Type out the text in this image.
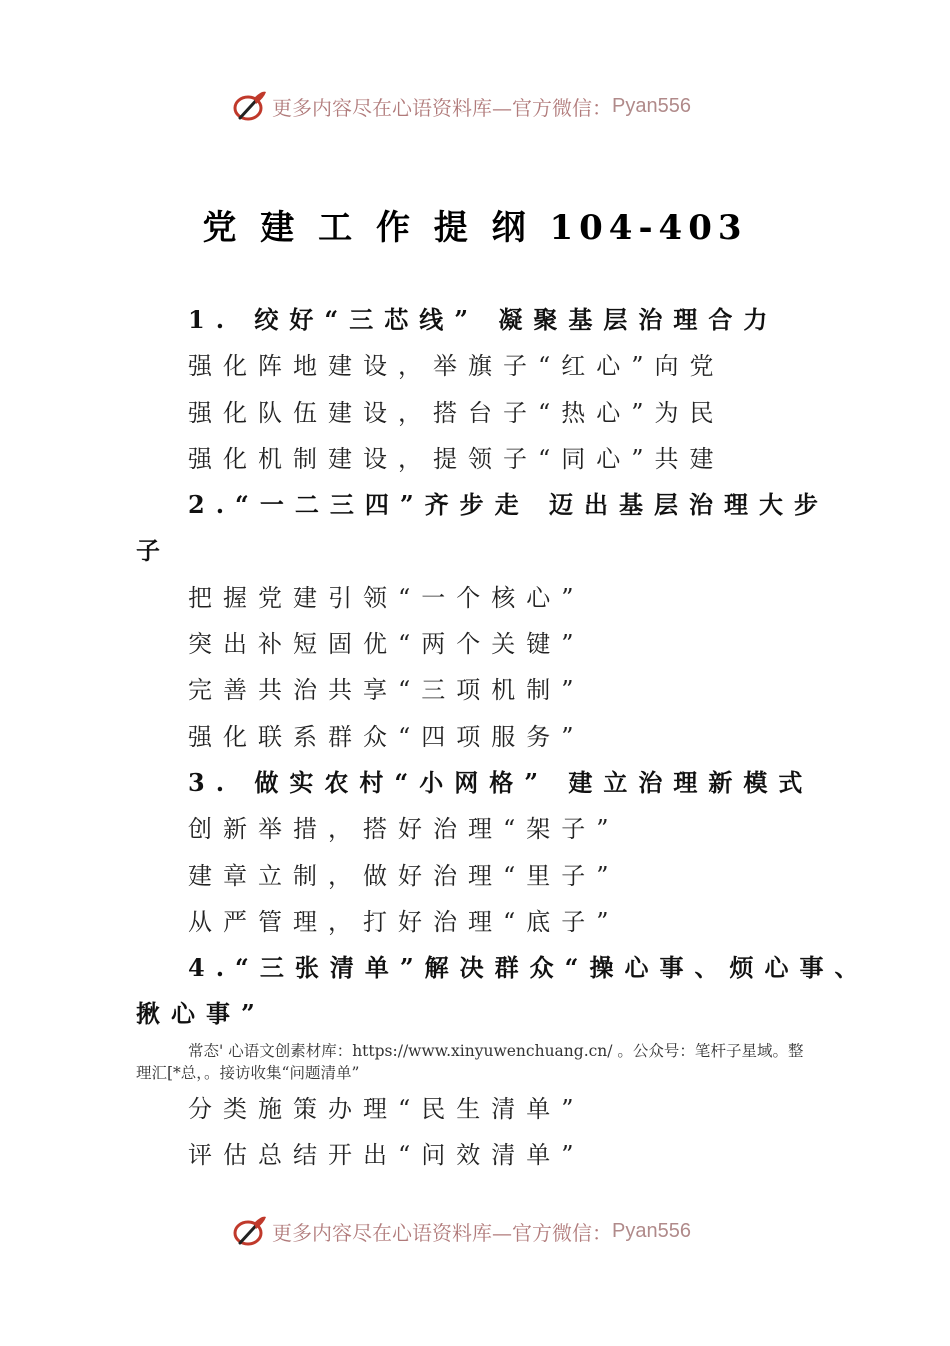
更多内容尽在心语资料库—官方微信： Pyan556
党 建 工 作 提 纲 104-403
1. 绞好“三芯线” 凝聚基层治理合力
强化阵地建设，举旗子“红心”向党
强化队伍建设，搭台子“热心”为民
强化机制建设，提领子“同心”共建
2.“一二三四”齐步走 迈出基层治理大步
子
把握党建引领“一个核心”
突出补短固优“两个关键”
完善共治共享“三项机制”
强化联系群众“四项服务”
3. 做实农村“小网格” 建立治理新模式
创新举措，搭好治理“架子”
建章立制，做好治理“里子”
从严管理，打好治理“底子”
4.“三张清单”解决群众“操心事、烦心事、
揪心事”
常态' 心语文创素材库：https://www.xinyuwenchuang.cn/ 。公众号：笔杆子星域。整
理汇[*总，。接访收集“问题清单”
分类施策办理“民生清单”
评估总结开出“问效清单”
更多内容尽在心语资料库—官方微信： Pyan556
